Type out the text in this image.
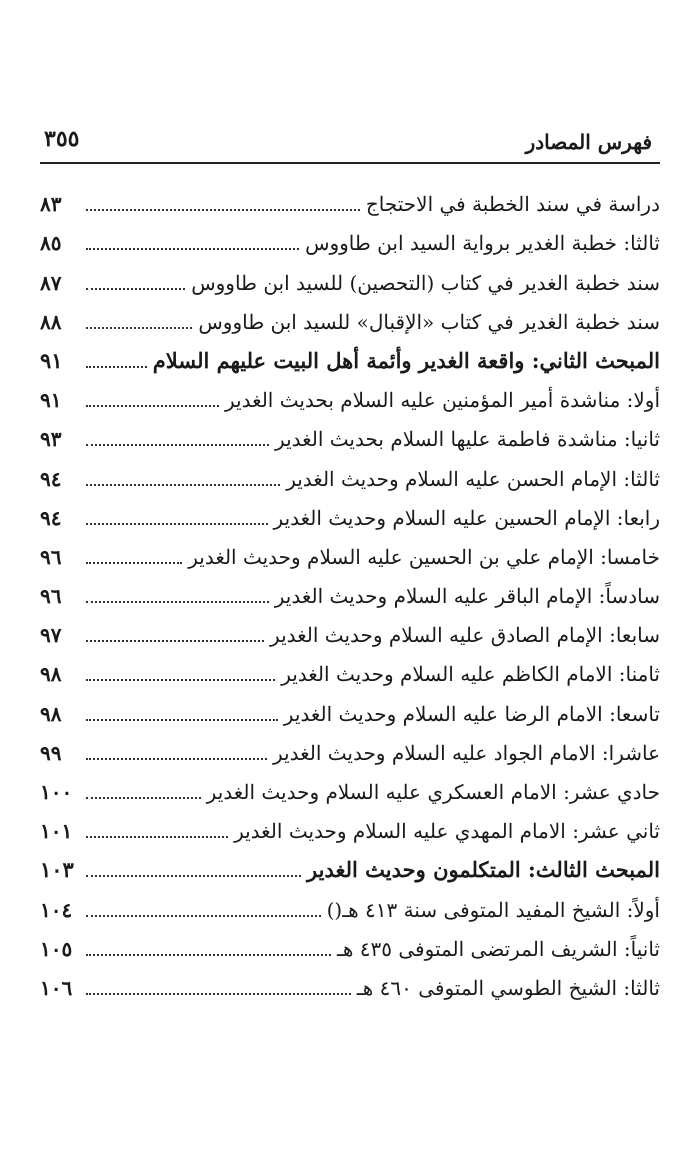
فهرس المصادر
٣٥٥
دراسة في سند الخطبة في الاحتجاج
٨٣
ثالثا: خطبة الغدير برواية السيد ابن طاووس
٨٥
سند خطبة الغدير في كتاب (التحصين) للسيد ابن طاووس
٨٧
سند خطبة الغدير في كتاب «الإقبال» للسيد ابن طاووس
٨٨
المبحث الثاني: واقعة الغدير وأئمة أهل البيت عليهم السلام
٩١
أولا: مناشدة أمير المؤمنين عليه السلام بحديث الغدير
٩١
ثانيا: مناشدة فاطمة عليها السلام بحديث الغدير
٩٣
ثالثا: الإمام الحسن عليه السلام وحديث الغدير
٩٤
رابعا: الإمام الحسين عليه السلام وحديث الغدير
٩٤
خامسا: الإمام علي بن الحسين عليه السلام وحديث الغدير
٩٦
سادساً: الإمام الباقر عليه السلام وحديث الغدير
٩٦
سابعا: الإمام الصادق عليه السلام وحديث الغدير
٩٧
ثامنا: الامام الكاظم عليه السلام وحديث الغدير
٩٨
تاسعا: الامام الرضا عليه السلام وحديث الغدير
٩٨
عاشرا: الامام الجواد عليه السلام وحديث الغدير
٩٩
حادي عشر: الامام العسكري عليه السلام وحديث الغدير
١٠٠
ثاني عشر: الامام المهدي عليه السلام وحديث الغدير
١٠١
المبحث الثالث: المتكلمون وحديث الغدير
١٠٣
أولاً: الشيخ المفيد المتوفى سنة ٤١٣ هـ()
١٠٤
ثانياً: الشريف المرتضى المتوفى ٤٣٥ هـ
١٠٥
ثالثا: الشيخ الطوسي المتوفى ٤٦٠ هـ
١٠٦
